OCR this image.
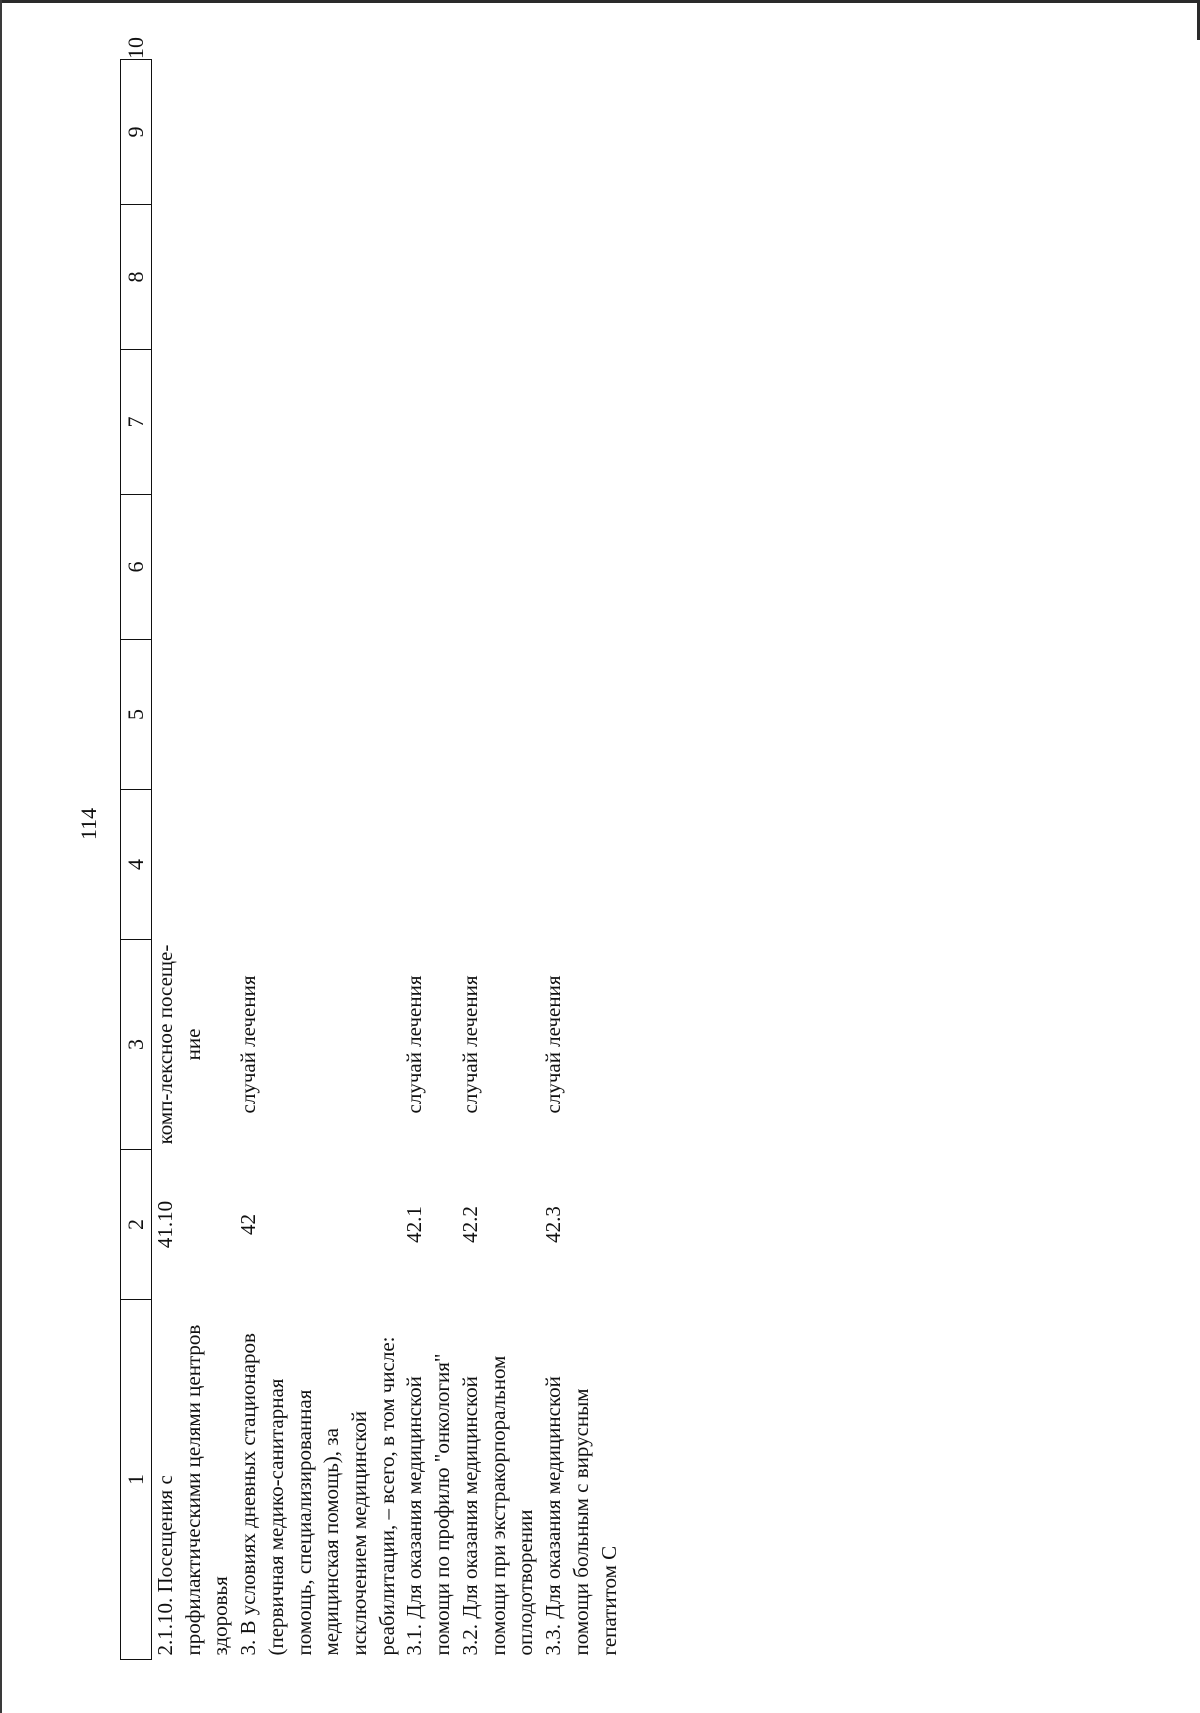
114
1	2	3	4	5	6	7	8	9	10
2.1.10. Посещения с профилактическими целями центров здоровья	41.10	комп-лексное посеще-ние							
3. В условиях дневных стационаров (первичная медико-санитарная помощь, специализированная медицинская помощь), за исключением медицинской реабилитации, – всего, в том числе:	42	случай лечения							
3.1. Для оказания медицинской помощи по профилю "онкология"	42.1	случай лечения							
3.2. Для оказания медицинской помощи при экстракорпоральном оплодотворении	42.2	случай лечения							
3.3. Для оказания медицинской помощи больным с вирусным гепатитом С	42.3	случай лечения							
